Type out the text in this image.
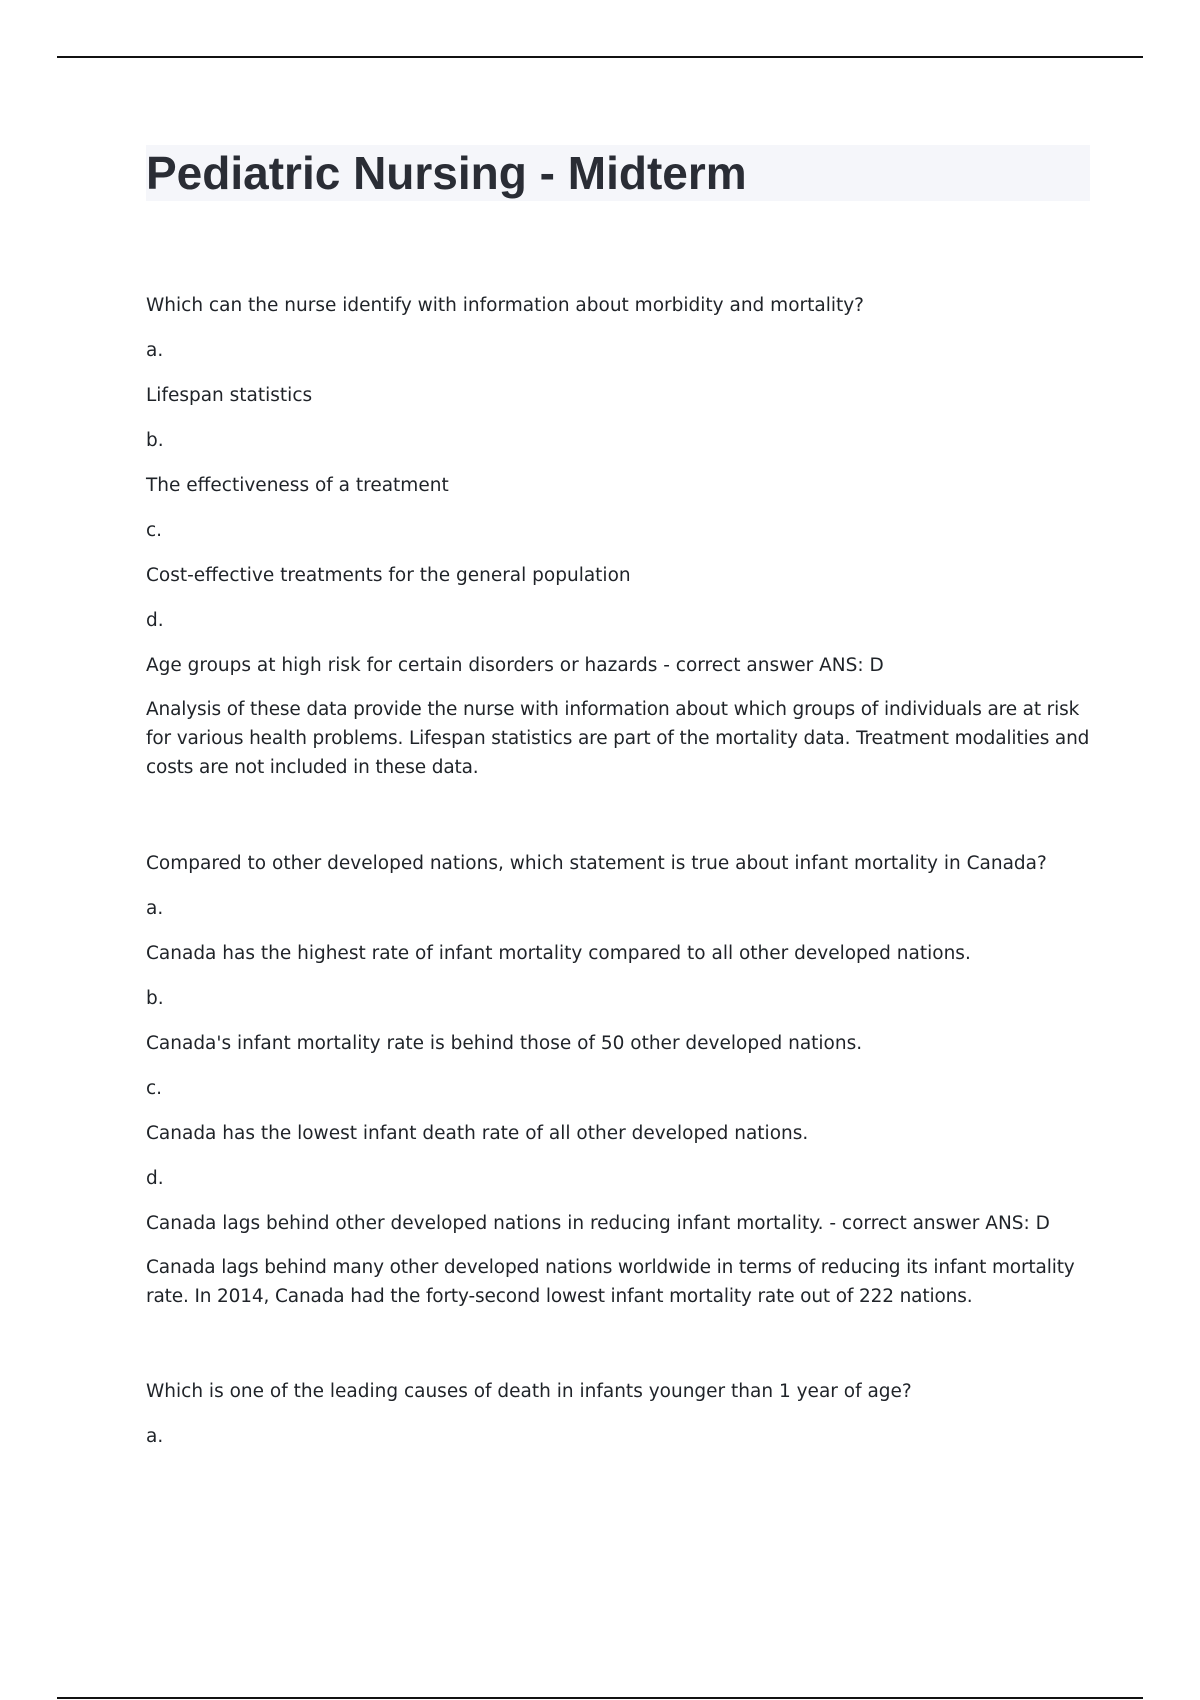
Pediatric Nursing - Midterm

Which can the nurse identify with information about morbidity and mortality?

a.

Lifespan statistics

b.

The effectiveness of a treatment

c.

Cost-effective treatments for the general population

d.

Age groups at high risk for certain disorders or hazards - correct answer ANS: D

Analysis of these data provide the nurse with information about which groups of individuals are at risk for various health problems. Lifespan statistics are part of the mortality data. Treatment modalities and costs are not included in these data.

Compared to other developed nations, which statement is true about infant mortality in Canada?

a.

Canada has the highest rate of infant mortality compared to all other developed nations.

b.

Canada's infant mortality rate is behind those of 50 other developed nations.

c.

Canada has the lowest infant death rate of all other developed nations.

d.

Canada lags behind other developed nations in reducing infant mortality. - correct answer ANS: D

Canada lags behind many other developed nations worldwide in terms of reducing its infant mortality rate. In 2014, Canada had the forty-second lowest infant mortality rate out of 222 nations.

Which is one of the leading causes of death in infants younger than 1 year of age?

a.
